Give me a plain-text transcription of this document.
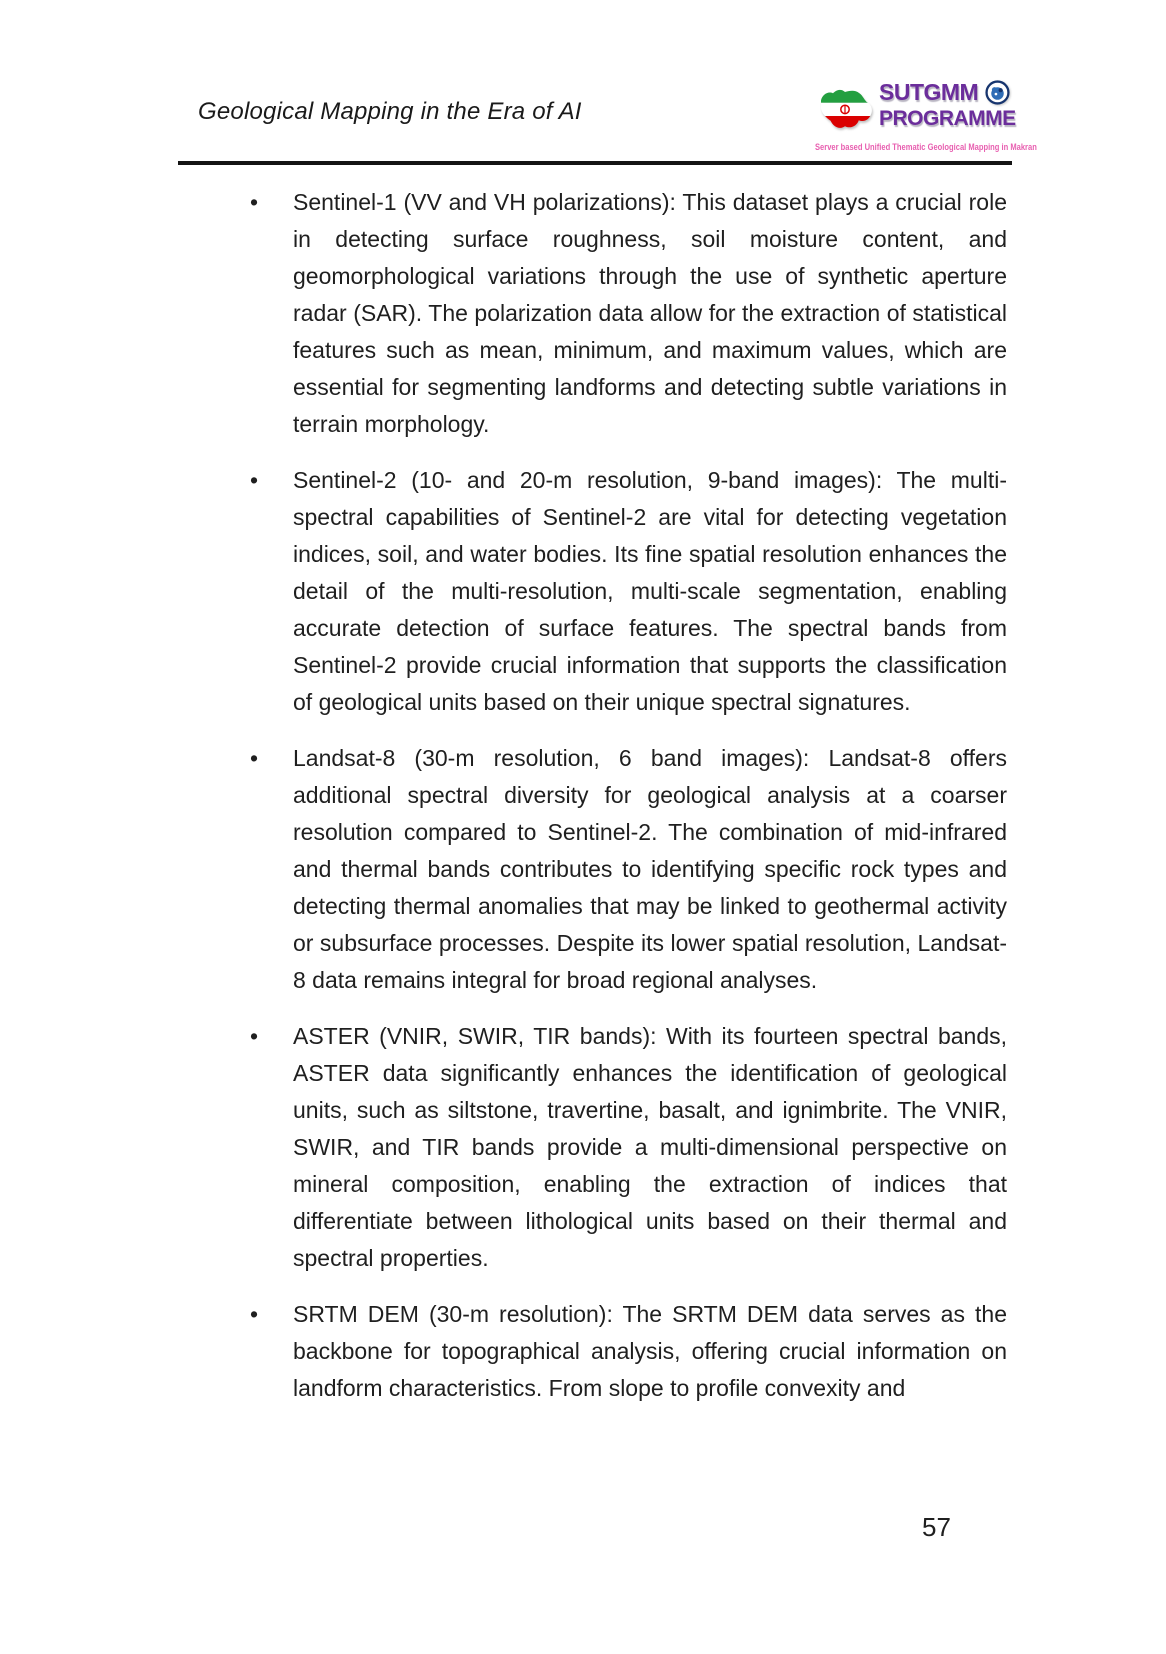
Geological Mapping in the Era of AI
SUTGMM
PROGRAMME
Server based Unified Thematic Geological Mapping in Makran
• Sentinel-1 (VV and VH polarizations): This dataset plays a crucial role in detecting surface roughness, soil moisture content, and geomorphological variations through the use of synthetic aperture radar (SAR). The polarization data allow for the extraction of statistical features such as mean, minimum, and maximum values, which are essential for segmenting landforms and detecting subtle variations in terrain morphology.

• Sentinel-2 (10- and 20-m resolution, 9-band images): The multi-spectral capabilities of Sentinel-2 are vital for detecting vegetation indices, soil, and water bodies. Its fine spatial resolution enhances the detail of the multi-resolution, multi-scale segmentation, enabling accurate detection of surface features. The spectral bands from Sentinel-2 provide crucial information that supports the classification of geological units based on their unique spectral signatures.

• Landsat-8 (30-m resolution, 6 band images): Landsat-8 offers additional spectral diversity for geological analysis at a coarser resolution compared to Sentinel-2. The combination of mid-infrared and thermal bands contributes to identifying specific rock types and detecting thermal anomalies that may be linked to geothermal activity or subsurface processes. Despite its lower spatial resolution, Landsat-8 data remains integral for broad regional analyses.

• ASTER (VNIR, SWIR, TIR bands): With its fourteen spectral bands, ASTER data significantly enhances the identification of geological units, such as siltstone, travertine, basalt, and ignimbrite. The VNIR, SWIR, and TIR bands provide a multi-dimensional perspective on mineral composition, enabling the extraction of indices that differentiate between lithological units based on their thermal and spectral properties.

• SRTM DEM (30-m resolution): The SRTM DEM data serves as the backbone for topographical analysis, offering crucial information on landform characteristics. From slope to profile convexity and

57
